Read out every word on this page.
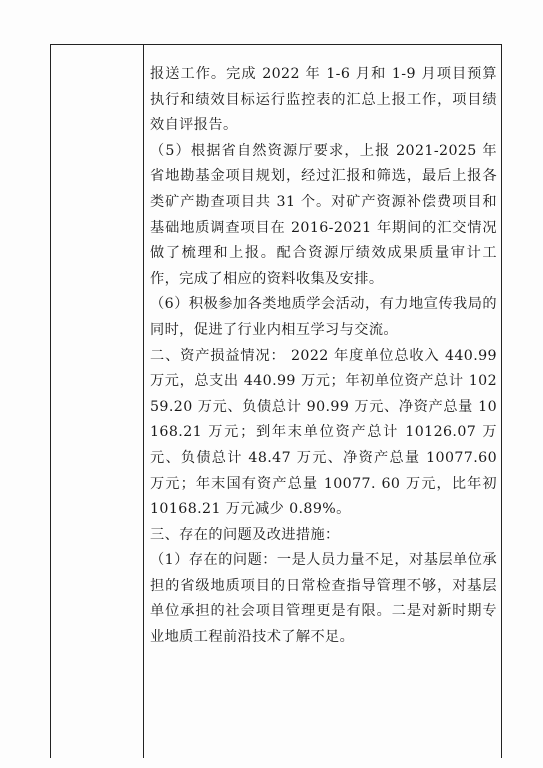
报送工作。完成 2022 年 1-6 月和 1-9 月项目预算执行和绩效目标运行监控表的汇总上报工作，项目绩效自评报告。

（5）根据省自然资源厅要求，上报 2021-2025 年省地勘基金项目规划，经过汇报和筛选，最后上报各类矿产勘查项目共 31 个。对矿产资源补偿费项目和基础地质调查项目在 2016-2021 年期间的汇交情况做了梳理和上报。配合资源厅绩效成果质量审计工作，完成了相应的资料收集及安排。

（6）积极参加各类地质学会活动，有力地宣传我局的同时，促进了行业内相互学习与交流。

二、资产损益情况： 2022 年度单位总收入 440.99 万元，总支出 440.99 万元；年初单位资产总计 10259.20 万元、负债总计 90.99 万元、净资产总量 10168.21 万元；到年末单位资产总计 10126.07 万元、负债总计 48.47 万元、净资产总量 10077.60 万元；年末国有资产总量 10077. 60 万元，比年初 10168.21 万元减少 0.89%。

三、存在的问题及改进措施：

（1）存在的问题：一是人员力量不足，对基层单位承担的省级地质项目的日常检查指导管理不够，对基层单位承担的社会项目管理更是有限。二是对新时期专业地质工程前沿技术了解不足。
